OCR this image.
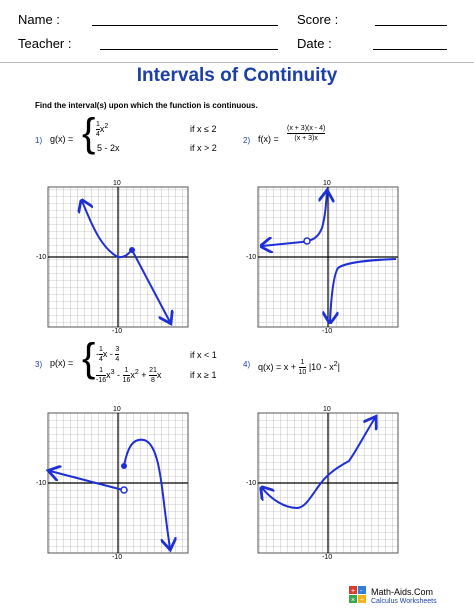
Name :	Score :
Teacher :	Date :
Intervals of Continuity
Find the interval(s) upon which the function is continuous.
1) g(x) = { $\frac{1}{4} x^2$	if x ≤ 2
5 - 2x	if x > 2
2) $f(x) = \frac{(x + 3)(x - 4)}{(x + 3)x}$
3) p(x) = { - $\frac{1}{4}$ x - $\frac{3}{4}$	if x < 1
$\frac{1}{-16} x^3 - \frac{1}{16} x^2 + \frac{21}{8}$ x	if x ≥ 1
4) $q(x) = x + \frac{1}{10} |10 - x^2|$
10
-10
-10
10
-10
-10
10
-10
-10
10
-10
-10
+ -
× ÷
Math-Aids.Com
Calculus Worksheets
